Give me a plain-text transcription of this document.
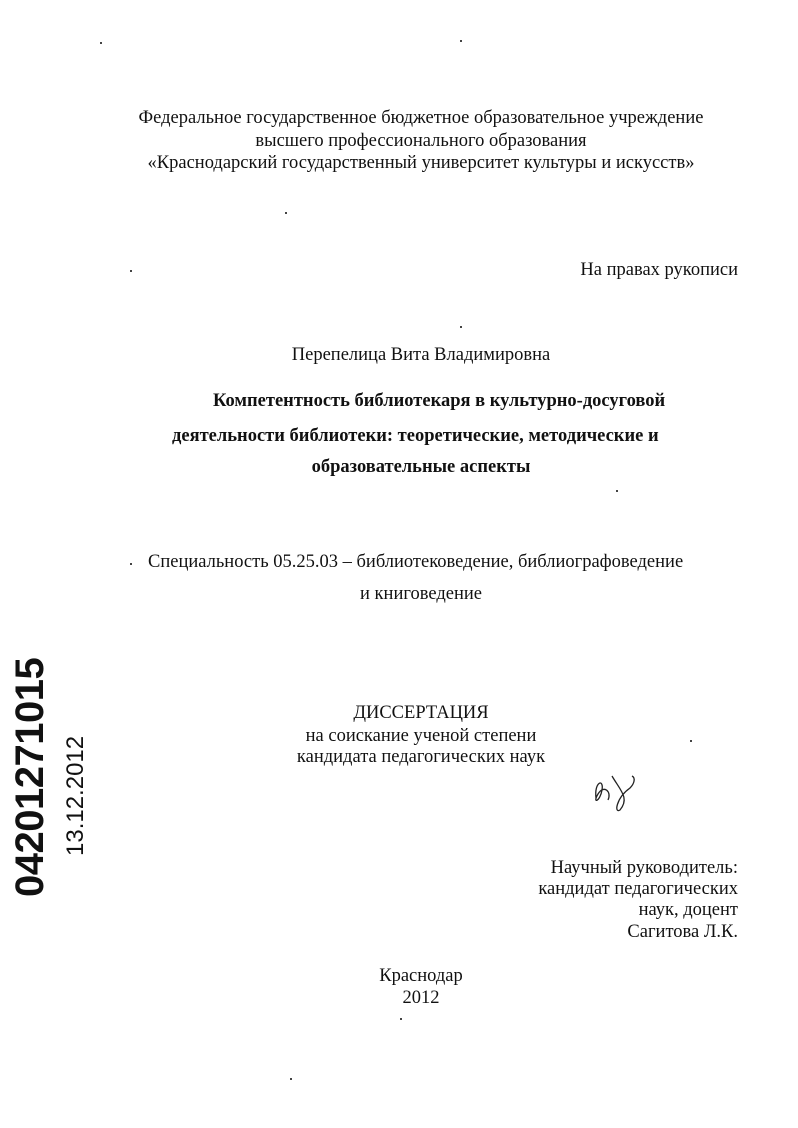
Федеральное государственное бюджетное образовательное учреждение
высшего профессионального образования
«Краснодарский государственный университет культуры и искусств»
На правах рукописи
Перепелица Вита Владимировна
Компетентность библиотекаря в культурно-досуговой
деятельности библиотеки: теоретические, методические и
образовательные аспекты
Специальность 05.25.03 – библиотековедение, библиографоведение
и книговедение
ДИССЕРТАЦИЯ
на соискание ученой степени
кандидата педагогических наук
Научный руководитель:
кандидат педагогических
наук, доцент
Сагитова Л.К.
Краснодар
2012
04201271015 13.12.2012
